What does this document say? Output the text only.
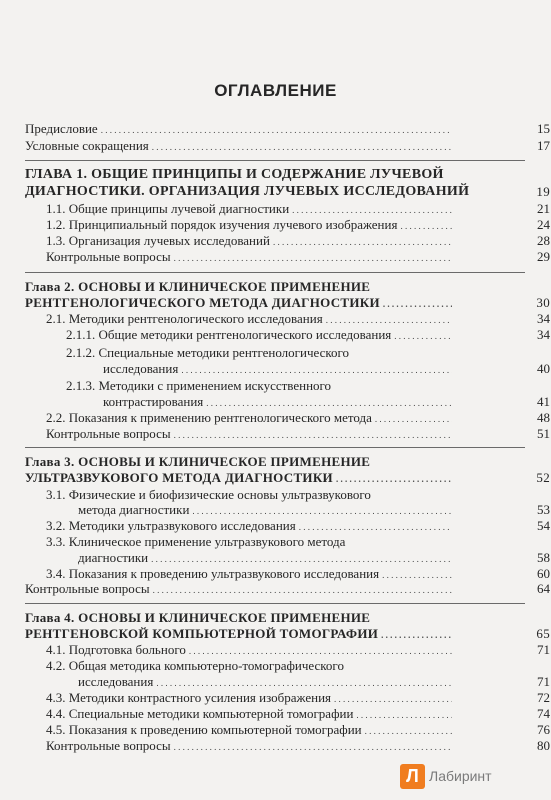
ОГЛАВЛЕНИЕ
Предисловие . . .	15
Условные сокращения . . .	17
ГЛАВА 1. ОБЩИЕ ПРИНЦИПЫ И СОДЕРЖАНИЕ ЛУЧЕВОЙ
ДИАГНОСТИКИ. ОРГАНИЗАЦИЯ ЛУЧЕВЫХ ИССЛЕДОВАНИЙ	19
1.1. Общие принципы лучевой диагностики . . .	21
1.2. Принципиальный порядок изучения лучевого изображения . . .	24
1.3. Организация лучевых исследований . . .	28
Контрольные вопросы . . .	29
Глава 2. ОСНОВЫ И КЛИНИЧЕСКОЕ ПРИМЕНЕНИЕ
РЕНТГЕНОЛОГИЧЕСКОГО МЕТОДА ДИАГНОСТИКИ . . .	30
2.1. Методики рентгенологического исследования . . .	34
2.1.1. Общие методики рентгенологического исследования . . .	34
2.1.2. Специальные методики рентгенологического
исследования . . .	40
2.1.3. Методики с применением искусственного
контрастирования . . .	41
2.2. Показания к применению рентгенологического метода . . .	48
Контрольные вопросы . . .	51
Глава 3. ОСНОВЫ И КЛИНИЧЕСКОЕ ПРИМЕНЕНИЕ
УЛЬТРАЗВУКОВОГО МЕТОДА ДИАГНОСТИКИ . . .	52
3.1. Физические и биофизические основы ультразвукового
метода диагностики . . .	53
3.2. Методики ультразвукового исследования . . .	54
3.3. Клиническое применение ультразвукового метода
диагностики . . .	58
3.4. Показания к проведению ультразвукового исследования . . .	60
Контрольные вопросы . . .	64
Глава 4. ОСНОВЫ И КЛИНИЧЕСКОЕ ПРИМЕНЕНИЕ
РЕНТГЕНОВСКОЙ КОМПЬЮТЕРНОЙ ТОМОГРАФИИ . . .	65
4.1. Подготовка больного . . .	71
4.2. Общая методика компьютерно-томографического
исследования . . .	71
4.3. Методики контрастного усиления изображения . . .	72
4.4. Специальные методики компьютерной томографии . . .	74
4.5. Показания к проведению компьютерной томографии . . .	76
Контрольные вопросы . . .	80
Л Лабиринт
